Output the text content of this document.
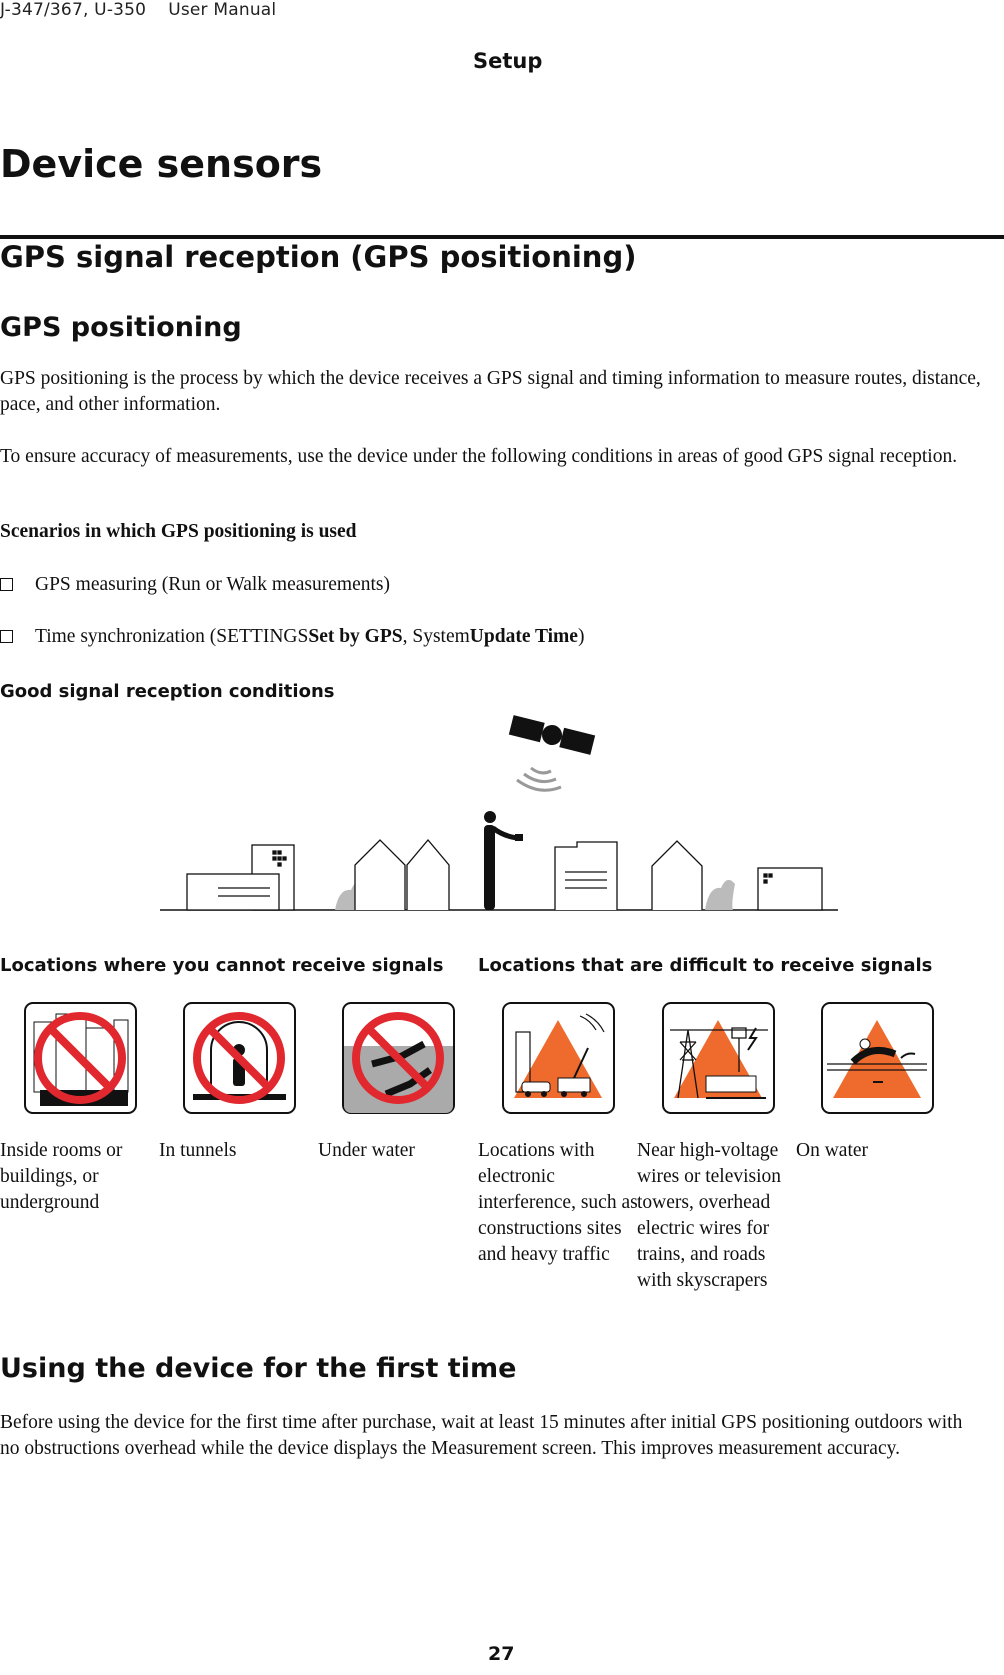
J-347/367, U-350 User Manual
Setup
Device sensors
GPS signal reception (GPS positioning)
GPS positioning
GPS positioning is the process by which the device receives a GPS signal and timing information to measure routes, distance, pace, and other information.
To ensure accuracy of measurements, use the device under the following conditions in areas of good GPS signal reception.
Scenarios in which GPS positioning is used
GPS measuring (Run or Walk measurements)
Time synchronization (SETTINGSSet by GPS, SystemUpdate Time)
Good signal reception conditions
Locations where you cannot receive signals Locations that are difficult to receive signals
Inside rooms or buildings, or underground
In tunnels	Under water	Locations with electronic interference, such as constructions sites and heavy traffic
Near high-voltage wires or television towers, overhead electric wires for trains, and roads with skyscrapers
On water
Using the device for the first time
Before using the device for the first time after purchase, wait at least 15 minutes after initial GPS positioning outdoors with no obstructions overhead while the device displays the Measurement screen. This improves measurement accuracy.
27
